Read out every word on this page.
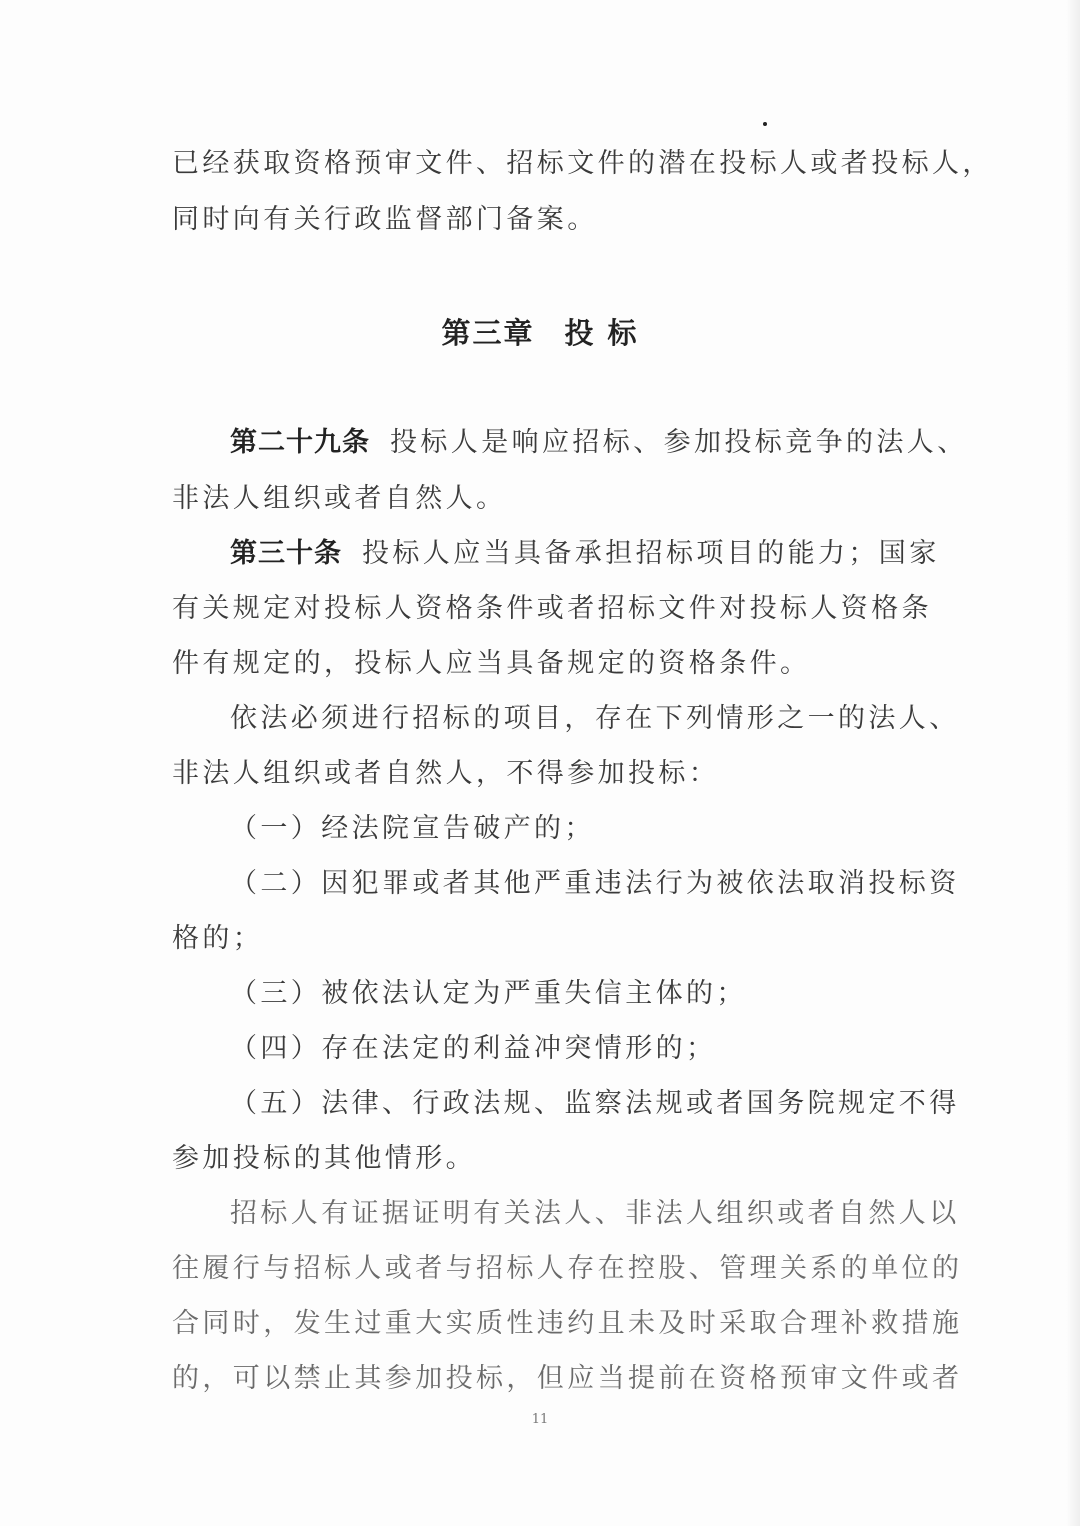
已经获取资格预审文件、招标文件的潜在投标人或者投标人，

同时向有关行政监督部门备案。

第三章 投 标

第二十九条 投标人是响应招标、参加投标竞争的法人、

非法人组织或者自然人。

第三十条 投标人应当具备承担招标项目的能力；国家

有关规定对投标人资格条件或者招标文件对投标人资格条

件有规定的，投标人应当具备规定的资格条件。

依法必须进行招标的项目，存在下列情形之一的法人、

非法人组织或者自然人，不得参加投标：

（一）经法院宣告破产的；

（二）因犯罪或者其他严重违法行为被依法取消投标资

格的；

（三）被依法认定为严重失信主体的；

（四）存在法定的利益冲突情形的；

（五）法律、行政法规、监察法规或者国务院规定不得

参加投标的其他情形。

招标人有证据证明有关法人、非法人组织或者自然人以

往履行与招标人或者与招标人存在控股、管理关系的单位的

合同时，发生过重大实质性违约且未及时采取合理补救措施

的，可以禁止其参加投标，但应当提前在资格预审文件或者

11
